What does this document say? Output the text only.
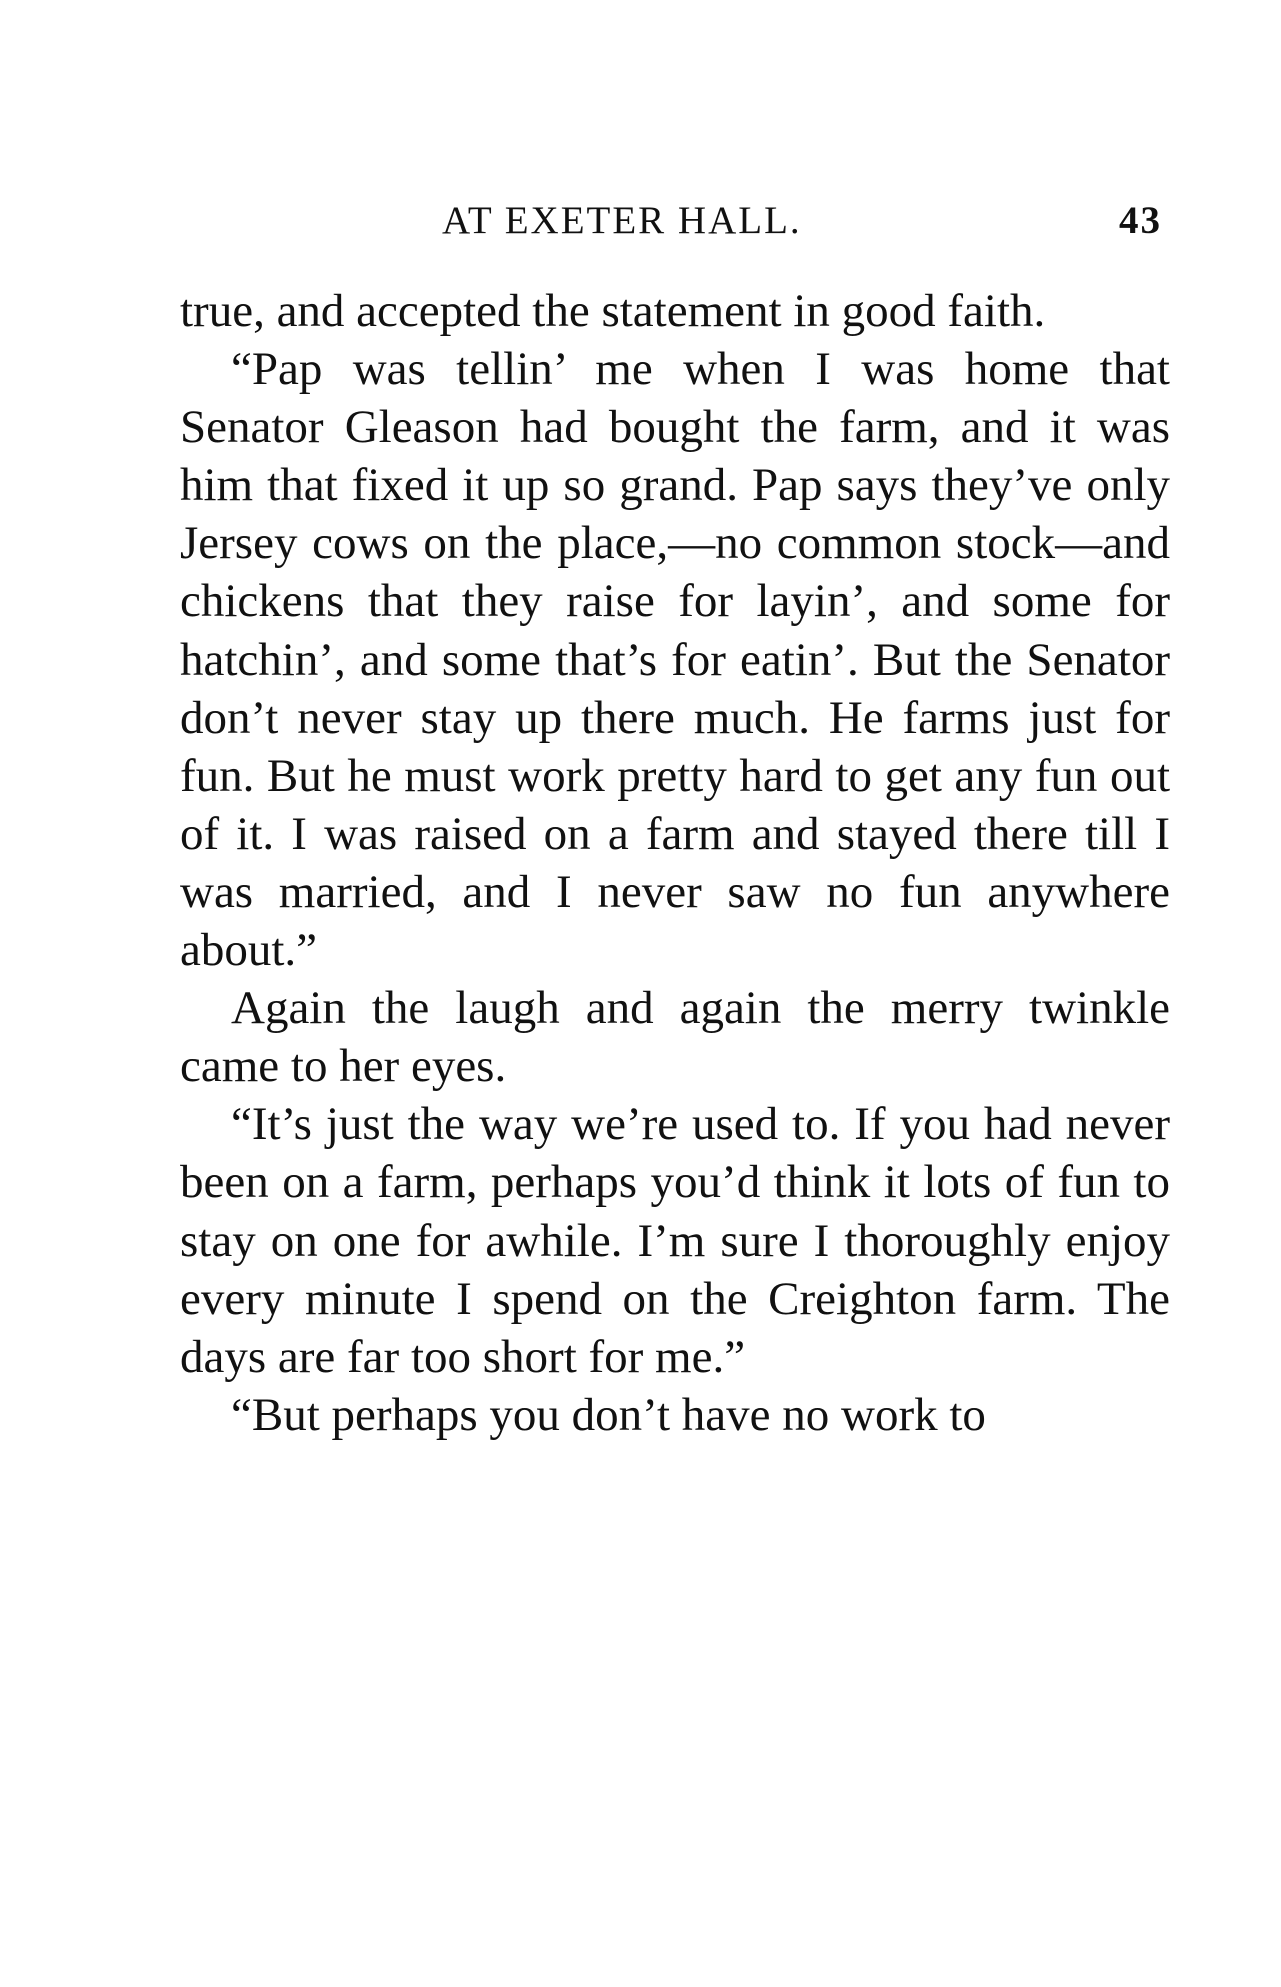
AT EXETER HALL.	43

true, and accepted the statement in good faith.

“Pap was tellin’ me when I was home that Senator Gleason had bought the farm, and it was him that fixed it up so grand. Pap says they’ve only Jersey cows on the place,—no common stock—and chickens that they raise for layin’, and some for hatchin’, and some that’s for eatin’. But the Senator don’t never stay up there much. He farms just for fun. But he must work pretty hard to get any fun out of it. I was raised on a farm and stayed there till I was married, and I never saw no fun anywhere about.”

Again the laugh and again the merry twinkle came to her eyes.

“It’s just the way we’re used to. If you had never been on a farm, perhaps you’d think it lots of fun to stay on one for awhile. I’m sure I thoroughly enjoy every minute I spend on the Creighton farm. The days are far too short for me.”

“But perhaps you don’t have no work to
